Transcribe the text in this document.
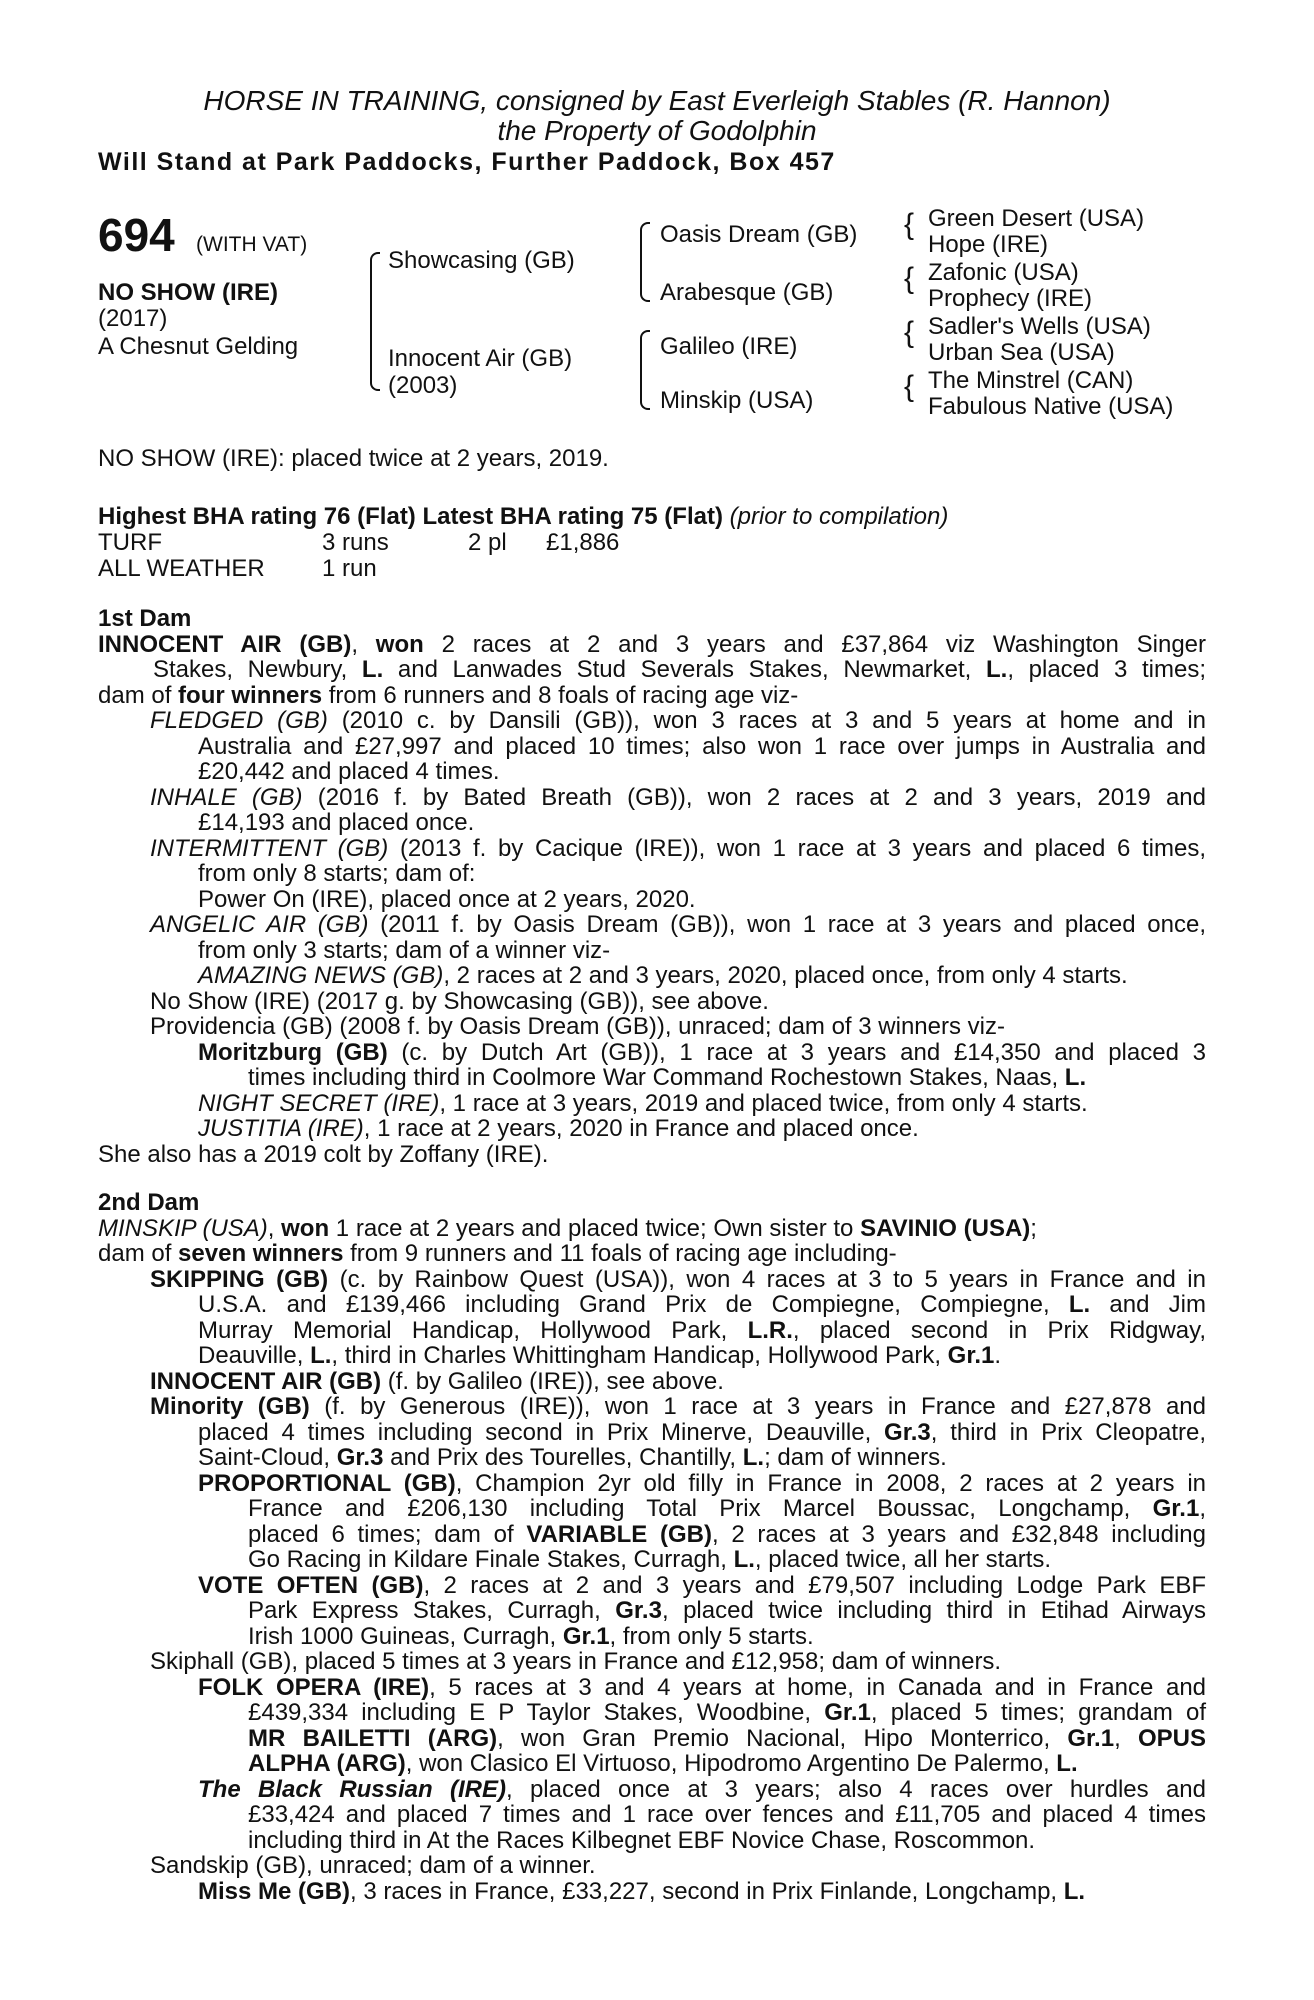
HORSE IN TRAINING, consigned by East Everleigh Stables (R. Hannon)
the Property of Godolphin
Will Stand at Park Paddocks, Further Paddock, Box 457
694 (WITH VAT)
NO SHOW (IRE)
(2017)
A Chesnut Gelding
Showcasing (GB)
Innocent Air (GB)
(2003)
Oasis Dream (GB)
Arabesque (GB)
Galileo (IRE)
Minskip (USA)
{
{
{
{
Green Desert (USA)
Hope (IRE)
Zafonic (USA)
Prophecy (IRE)
Sadler's Wells (USA)
Urban Sea (USA)
The Minstrel (CAN)
Fabulous Native (USA)
NO SHOW (IRE): placed twice at 2 years, 2019.
Highest BHA rating 76 (Flat) Latest BHA rating 75 (Flat) (prior to compilation)
TURF	3 runs	2 pl £1,886
ALL WEATHER 1 run
1st Dam
INNOCENT AIR (GB), won 2 races at 2 and 3 years and £37,864 viz Washington Singer
Stakes, Newbury, L. and Lanwades Stud Severals Stakes, Newmarket, L., placed 3 times;
dam of four winners from 6 runners and 8 foals of racing age viz-
FLEDGED (GB) (2010 c. by Dansili (GB)), won 3 races at 3 and 5 years at home and in
Australia and £27,997 and placed 10 times; also won 1 race over jumps in Australia and
£20,442 and placed 4 times.
INHALE (GB) (2016 f. by Bated Breath (GB)), won 2 races at 2 and 3 years, 2019 and
£14,193 and placed once.
INTERMITTENT (GB) (2013 f. by Cacique (IRE)), won 1 race at 3 years and placed 6 times,
from only 8 starts; dam of:
Power On (IRE), placed once at 2 years, 2020.
ANGELIC AIR (GB) (2011 f. by Oasis Dream (GB)), won 1 race at 3 years and placed once,
from only 3 starts; dam of a winner viz-
AMAZING NEWS (GB), 2 races at 2 and 3 years, 2020, placed once, from only 4 starts.
No Show (IRE) (2017 g. by Showcasing (GB)), see above.
Providencia (GB) (2008 f. by Oasis Dream (GB)), unraced; dam of 3 winners viz-
Moritzburg (GB) (c. by Dutch Art (GB)), 1 race at 3 years and £14,350 and placed 3
times including third in Coolmore War Command Rochestown Stakes, Naas, L.
NIGHT SECRET (IRE), 1 race at 3 years, 2019 and placed twice, from only 4 starts.
JUSTITIA (IRE), 1 race at 2 years, 2020 in France and placed once.
She also has a 2019 colt by Zoffany (IRE).
2nd Dam
MINSKIP (USA), won 1 race at 2 years and placed twice; Own sister to SAVINIO (USA);
dam of seven winners from 9 runners and 11 foals of racing age including-
SKIPPING (GB) (c. by Rainbow Quest (USA)), won 4 races at 3 to 5 years in France and in
U.S.A. and £139,466 including Grand Prix de Compiegne, Compiegne, L. and Jim
Murray Memorial Handicap, Hollywood Park, L.R., placed second in Prix Ridgway,
Deauville, L., third in Charles Whittingham Handicap, Hollywood Park, Gr.1.
INNOCENT AIR (GB) (f. by Galileo (IRE)), see above.
Minority (GB) (f. by Generous (IRE)), won 1 race at 3 years in France and £27,878 and
placed 4 times including second in Prix Minerve, Deauville, Gr.3, third in Prix Cleopatre,
Saint-Cloud, Gr.3 and Prix des Tourelles, Chantilly, L.; dam of winners.
PROPORTIONAL (GB), Champion 2yr old filly in France in 2008, 2 races at 2 years in
France and £206,130 including Total Prix Marcel Boussac, Longchamp, Gr.1,
placed 6 times; dam of VARIABLE (GB), 2 races at 3 years and £32,848 including
Go Racing in Kildare Finale Stakes, Curragh, L., placed twice, all her starts.
VOTE OFTEN (GB), 2 races at 2 and 3 years and £79,507 including Lodge Park EBF
Park Express Stakes, Curragh, Gr.3, placed twice including third in Etihad Airways
Irish 1000 Guineas, Curragh, Gr.1, from only 5 starts.
Skiphall (GB), placed 5 times at 3 years in France and £12,958; dam of winners.
FOLK OPERA (IRE), 5 races at 3 and 4 years at home, in Canada and in France and
£439,334 including E P Taylor Stakes, Woodbine, Gr.1, placed 5 times; grandam of
MR BAILETTI (ARG), won Gran Premio Nacional, Hipo Monterrico, Gr.1, OPUS
ALPHA (ARG), won Clasico El Virtuoso, Hipodromo Argentino De Palermo, L.
The Black Russian (IRE), placed once at 3 years; also 4 races over hurdles and
£33,424 and placed 7 times and 1 race over fences and £11,705 and placed 4 times
including third in At the Races Kilbegnet EBF Novice Chase, Roscommon.
Sandskip (GB), unraced; dam of a winner.
Miss Me (GB), 3 races in France, £33,227, second in Prix Finlande, Longchamp, L.
